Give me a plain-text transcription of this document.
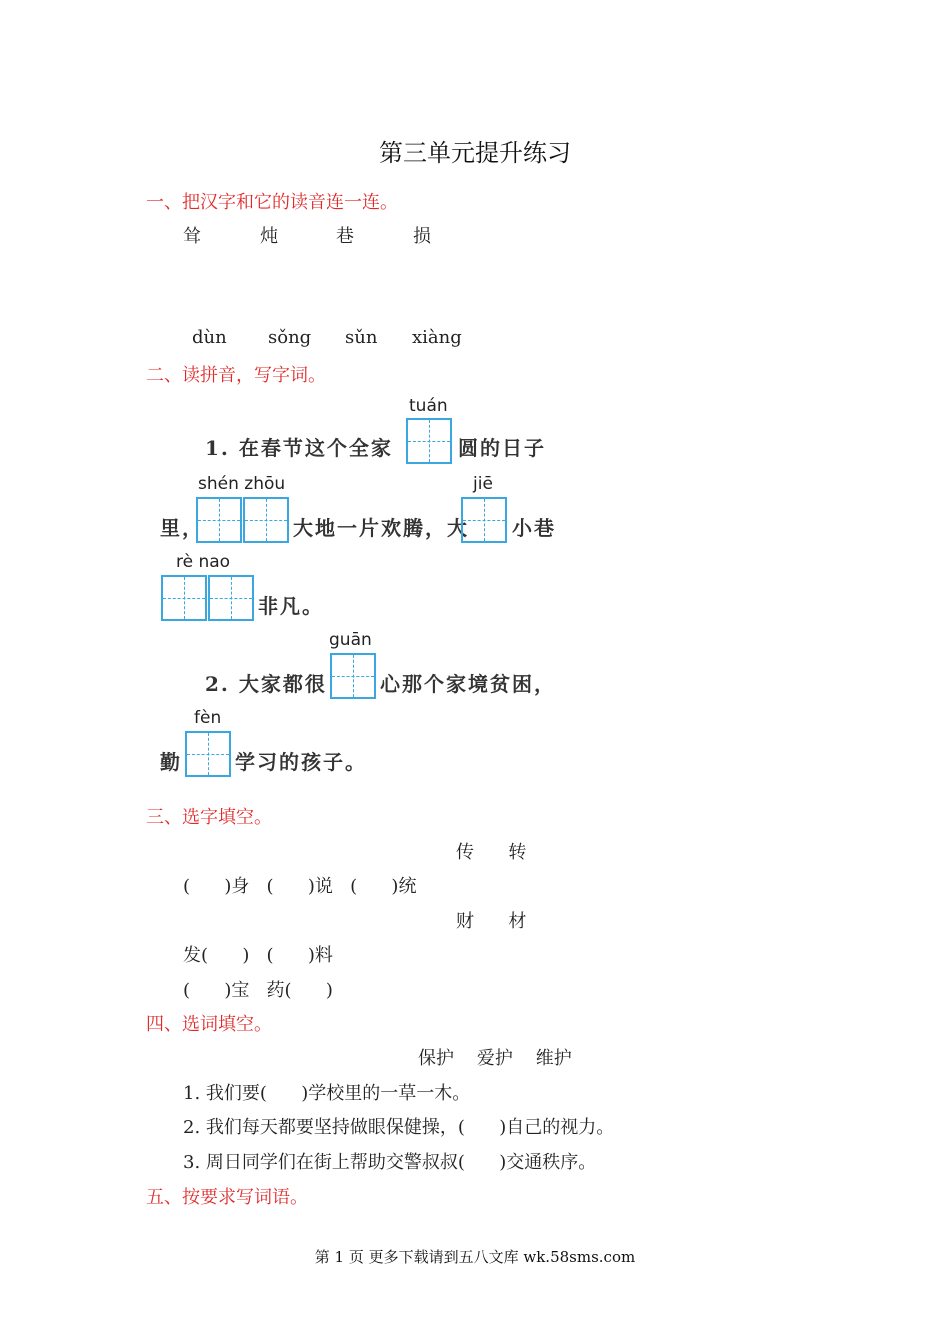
第三单元提升练习
一、把汉字和它的读音连一连。
耸	炖	巷	损
dùn sǒng sǔn xiàng
二、读拼音，写字词。
tuán
1. 在春节这个全家	圆的日子
shén zhōu
里，	大地一片欢腾，大
jiē
小巷
rè nao
非凡。
guān
2. 大家都很	心那个家境贫困，
fèn
勤	学习的孩子。
三、选字填空。
传      转
(      )身   (      )说   (      )统
财      材
发(      )   (      )料
(      )宝   药(      )
四、选词填空。
保护    爱护    维护
1. 我们要(      )学校里的一草一木。
2. 我们每天都要坚持做眼保健操，(      )自己的视力。
3. 周日同学们在街上帮助交警叔叔(      )交通秩序。
五、按要求写词语。
第 1 页 更多下载请到五八文库 wk.58sms.com
